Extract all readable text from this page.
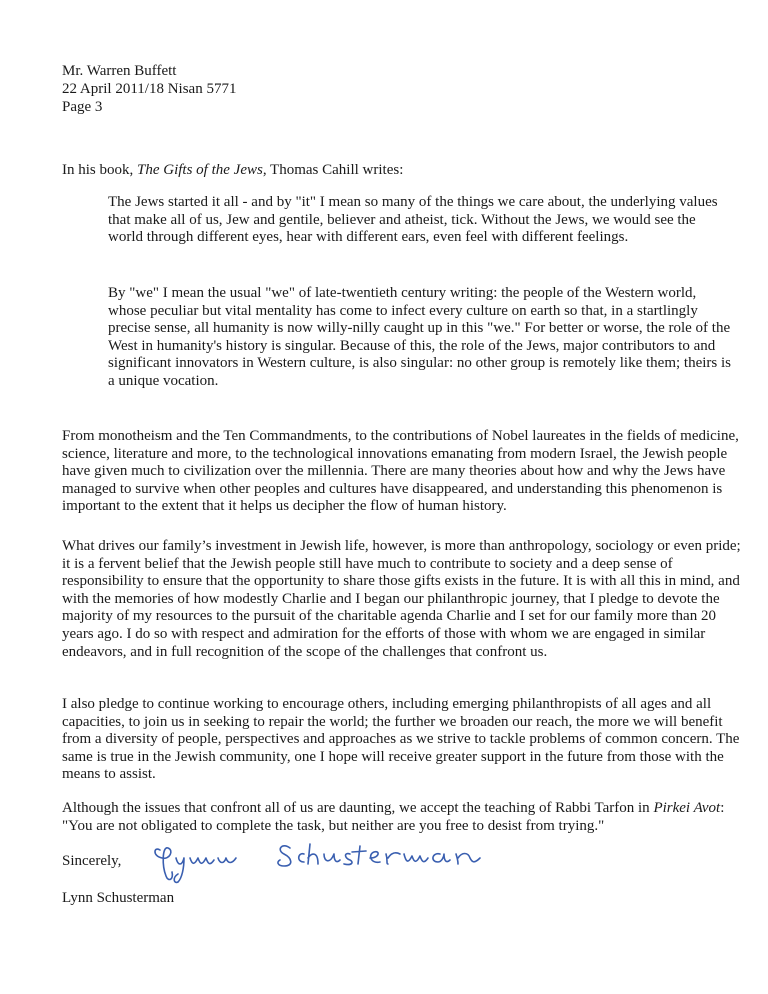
Mr. Warren Buffett
22 April 2011/18 Nisan 5771
Page 3
In his book, The Gifts of the Jews, Thomas Cahill writes:
The Jews started it all - and by "it" I mean so many of the things we care about, the underlying values that make all of us, Jew and gentile, believer and atheist, tick. Without the Jews, we would see the world through different eyes, hear with different ears, even feel with different feelings.
By "we" I mean the usual "we" of late-twentieth century writing: the people of the Western world, whose peculiar but vital mentality has come to infect every culture on earth so that, in a startlingly precise sense, all humanity is now willy-nilly caught up in this "we." For better or worse, the role of the West in humanity's history is singular. Because of this, the role of the Jews, major contributors to and significant innovators in Western culture, is also singular: no other group is remotely like them; theirs is a unique vocation.
From monotheism and the Ten Commandments, to the contributions of Nobel laureates in the fields of medicine, science, literature and more, to the technological innovations emanating from modern Israel, the Jewish people have given much to civilization over the millennia. There are many theories about how and why the Jews have managed to survive when other peoples and cultures have disappeared, and understanding this phenomenon is important to the extent that it helps us decipher the flow of human history.
What drives our family’s investment in Jewish life, however, is more than anthropology, sociology or even pride; it is a fervent belief that the Jewish people still have much to contribute to society and a deep sense of responsibility to ensure that the opportunity to share those gifts exists in the future. It is with all this in mind, and with the memories of how modestly Charlie and I began our philanthropic journey, that I pledge to devote the majority of my resources to the pursuit of the charitable agenda Charlie and I set for our family more than 20 years ago. I do so with respect and admiration for the efforts of those with whom we are engaged in similar endeavors, and in full recognition of the scope of the challenges that confront us.
I also pledge to continue working to encourage others, including emerging philanthropists of all ages and all capacities, to join us in seeking to repair the world; the further we broaden our reach, the more we will benefit from a diversity of people, perspectives and approaches as we strive to tackle problems of common concern. The same is true in the Jewish community, one I hope will receive greater support in the future from those with the means to assist.
Although the issues that confront all of us are daunting, we accept the teaching of Rabbi Tarfon in Pirkei Avot: "You are not obligated to complete the task, but neither are you free to desist from trying."
Sincerely,
Lynn Schusterman
